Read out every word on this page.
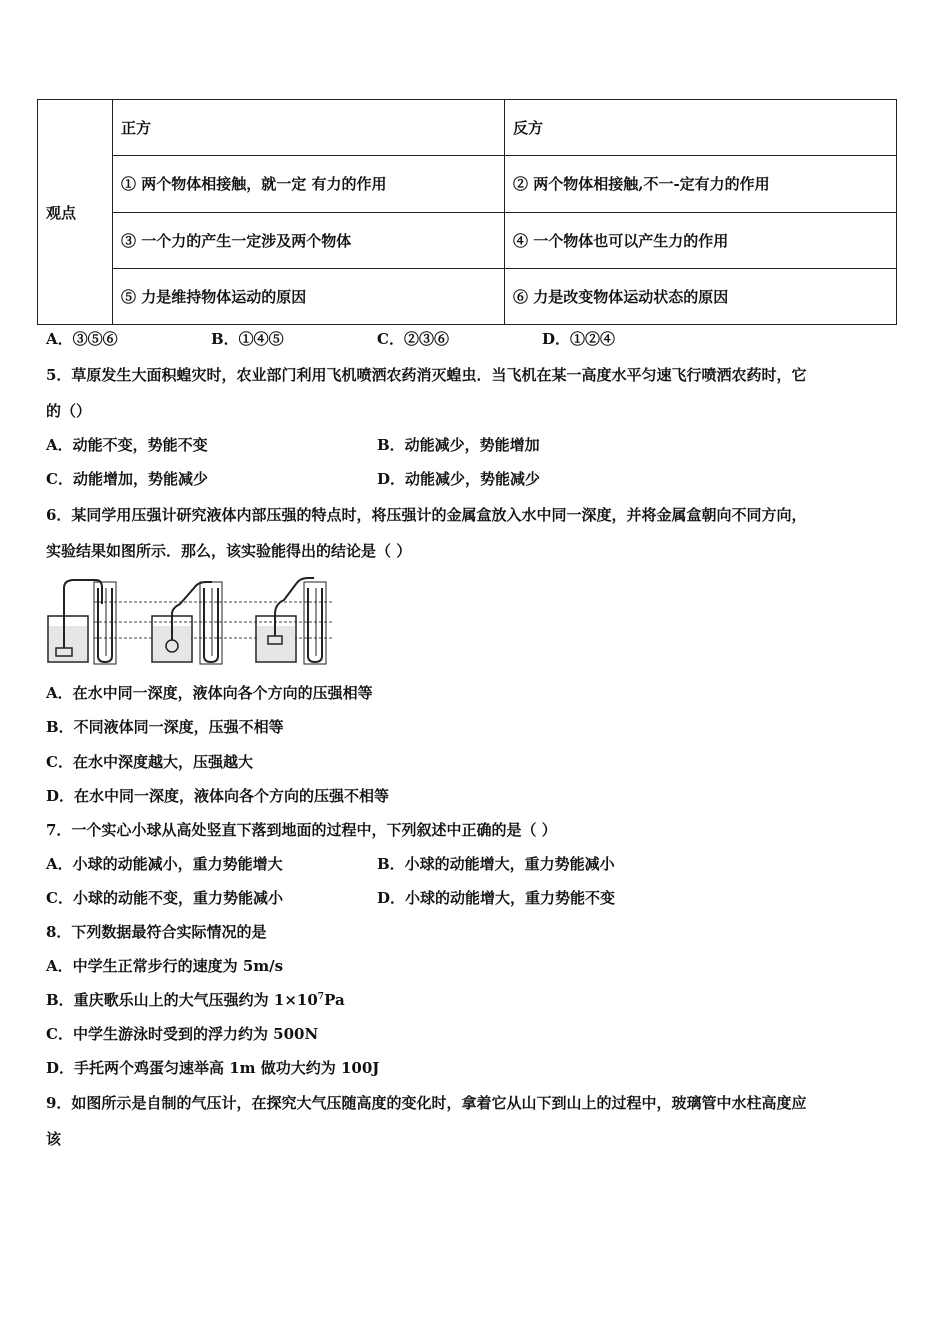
观点	正方	反方
	① 两个物体相接触，就一定 有力的作用	② 两个物体相接触,不一-定有力的作用
	③ 一个力的产生一定涉及两个物体	④ 一个物体也可以产生力的作用
	⑤ 力是维持物体运动的原因	⑥ 力是改变物体运动状态的原因
A．③⑤⑥	B．①④⑤	C．②③⑥	D．①②④
5．草原发生大面积蝗灾时，农业部门利用飞机喷洒农药消灭蝗虫．当飞机在某一高度水平匀速飞行喷洒农药时，它
的（）
A．动能不变，势能不变	B．动能减少，势能增加
C．动能增加，势能减少	D．动能减少，势能减少
6．某同学用压强计研究液体内部压强的特点时，将压强计的金属盒放入水中同一深度，并将金属盒朝向不同方向，
实验结果如图所示．那么，该实验能得出的结论是（ ）
A．在水中同一深度，液体向各个方向的压强相等
B．不同液体同一深度，压强不相等
C．在水中深度越大，压强越大
D．在水中同一深度，液体向各个方向的压强不相等
7．一个实心小球从高处竖直下落到地面的过程中，下列叙述中正确的是（ ）
A．小球的动能减小，重力势能增大	B．小球的动能增大，重力势能减小
C．小球的动能不变，重力势能减小	D．小球的动能增大，重力势能不变
8．下列数据最符合实际情况的是
A．中学生正常步行的速度为 5m/s
B．重庆歌乐山上的大气压强约为 $1\times 10^7Pa$
C．中学生游泳时受到的浮力约为 500N
D．手托两个鸡蛋匀速举高 1m 做功大约为 100J
9．如图所示是自制的气压计，在探究大气压随高度的变化时，拿着它从山下到山上的过程中，玻璃管中水柱高度应
该
